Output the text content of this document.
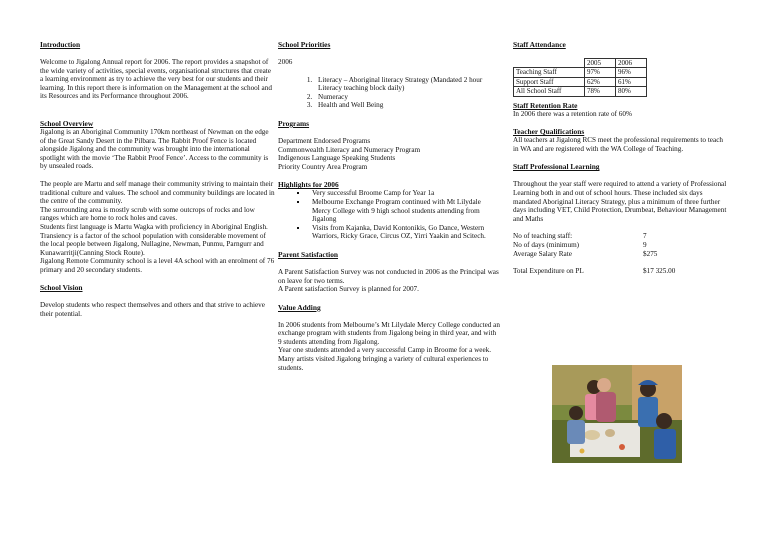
Introduction

Welcome to Jigalong Annual report for 2006. The report provides a snapshot of the wide variety of activities, special events, organisational structures that create a learning environment as try to achieve the very best for our students and their learning. In this report there is information on the Management at the school and its Resources and its Performance throughout 2006.

School Overview

Jigalong is an Aboriginal Community 170km northeast of Newman on the edge of the Great Sandy Desert in the Pilbara. The Rabbit Proof Fence is located alongside Jigalong and the community was brought into the international spotlight with the movie ‘The Rabbit Proof Fence’. Access to the community is by unsealed roads.

The people are Martu and self manage their community striving to maintain their traditional culture and values. The school and community buildings are located in the centre of the community.

The surrounding area is mostly scrub with some outcrops of rocks and low ranges which are home to rock holes and caves.

Students first language is Martu Wagka with proficiency in Aboriginal English.

Transiency is a factor of the school population with considerable movement of the local people between Jigalong, Nullagine, Newman, Punmu, Parngurr and Kunawarritji(Canning Stock Route).

Jigalong Remote Community school is a level 4A school with an enrolment of 76 primary and 20 secondary students.

School Vision

Develop students who respect themselves and others and that strive to achieve their potential.

School Priorities

2006

1. Literacy – Aboriginal literacy Strategy (Mandated 2 hour Literacy teaching block daily)
2. Numeracy
3. Health and Well Being
Programs

Department Endorsed Programs

Commonwealth Literacy and Numeracy Program

Indigenous Language Speaking Students

Priority Country Area Program

Highlights for 2006
▪ Very successful Broome Camp for Year 1a
▪ Melbourne Exchange Program continued with Mt Lilydale Mercy College with 9 high school students attending from Jigalong
▪ Visits from Kajanka, David Kontonikis, Go Dance, Western Warriors, Ricky Grace, Circus OZ, Yirri Yaakin and Scitech.
Parent Satisfaction

A Parent Satisfaction Survey was not conducted in 2006 as the Principal was on leave for two terms.

A Parent satisfaction Survey is planned for 2007.

Value Adding

In 2006 students from Melbourne’s Mt Lilydale Mercy College conducted an exchange program with students from Jigalong being in third year, and with 9 students attending from Jigalong.

Year one students attended a very successful Camp in Broome for a week.

Many artists visited Jigalong bringing a variety of cultural experiences to students.

Staff Attendance
	2005	2006
Teaching Staff	97%	96%
Support Staff	62%	61%
All School Staff	78%	80%
Staff Retention Rate

In 2006 there was a retention rate of 60%

Teacher Qualifications

All teachers at Jigalong RCS meet the professional requirements to teach in WA and are registered with the WA College of Teaching.

Staff Professional Learning

Throughout the year staff were required to attend a variety of Professional Learning both in and out of school hours. These included six days mandated Aboriginal Literacy Strategy, plus a minimum of three further days including VET, Child Protection, Drumbeat, Behaviour Management and Maths

No of teaching staff:	7
No of days (minimum)	9
Average Salary Rate	$275
Total Expenditure on PL	$17 325.00
